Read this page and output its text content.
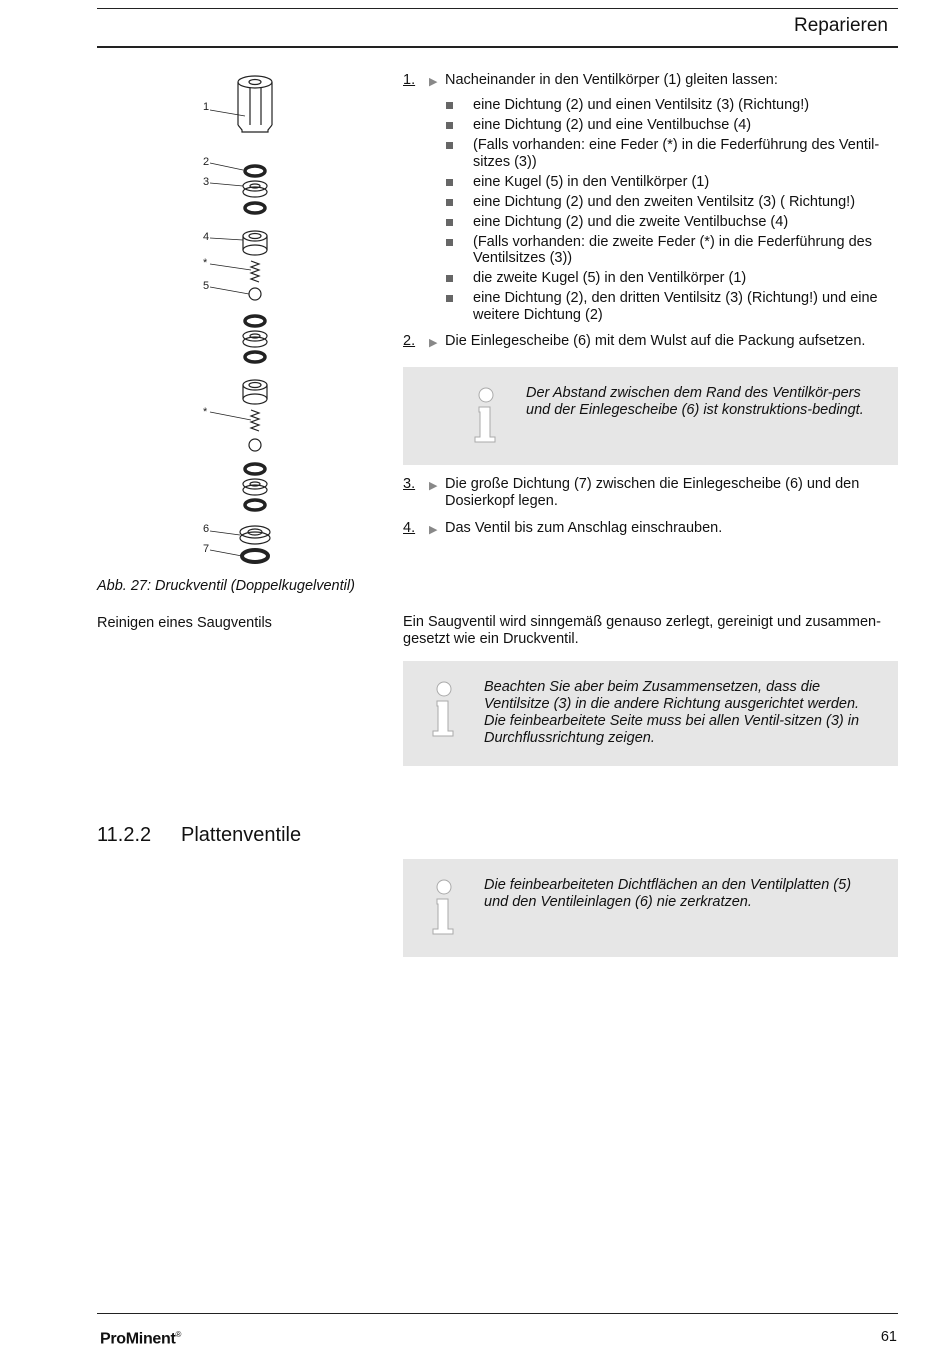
Reparieren
1
2
3
4
*
5
*
6
7
Abb. 27: Druckventil (Doppelkugelventil)
1.	▶ Nacheinander in den Ventilkörper (1) gleiten lassen:
eine Dichtung (2) und einen Ventilsitz (3) (Richtung!)
eine Dichtung (2) und eine Ventilbuchse (4)
(Falls vorhanden: eine Feder (*) in die Federführung des Ventil-sitzes (3))
eine Kugel (5) in den Ventilkörper (1)
eine Dichtung (2) und den zweiten Ventilsitz (3) ( Richtung!)
eine Dichtung (2) und die zweite Ventilbuchse (4)
(Falls vorhanden: die zweite Feder (*) in die Federführung des Ventilsitzes (3))
die zweite Kugel (5) in den Ventilkörper (1)
eine Dichtung (2), den dritten Ventilsitz (3) (Richtung!) und eine weitere Dichtung (2)
2.	▶ Die Einlegescheibe (6) mit dem Wulst auf die Packung aufsetzen.
Der Abstand zwischen dem Rand des Ventilkör-pers und der Einlegescheibe (6) ist konstruktions-bedingt.
3.	▶ Die große Dichtung (7) zwischen die Einlegescheibe (6) und den Dosierkopf legen.
4.	▶ Das Ventil bis zum Anschlag einschrauben.
Reinigen eines Saugventils	Ein Saugventil wird sinngemäß genauso zerlegt, gereinigt und zusammen-gesetzt wie ein Druckventil.
Beachten Sie aber beim Zusammensetzen, dass die Ventilsitze (3) in die andere Richtung ausgerichtet werden. Die feinbearbeitete Seite muss bei allen Ventil-sitzen (3) in Durchflussrichtung zeigen.
11.2.2 Plattenventile
Die feinbearbeiteten Dichtflächen an den Ventilplatten (5) und den Ventileinlagen (6) nie zerkratzen.
ProMinent®	61
